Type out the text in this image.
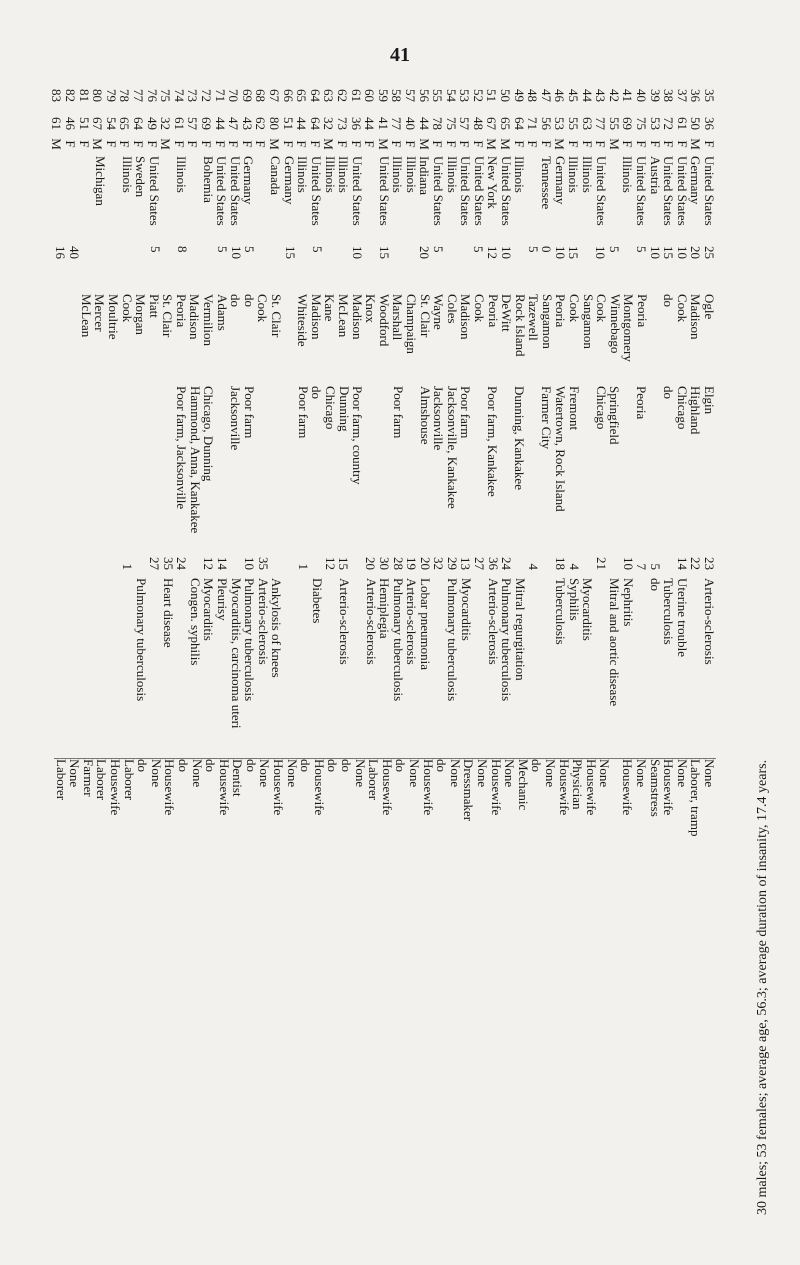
41
35
36
37
38
39
40
41
42
43
44
45
46
47
48
49
50
51
52
53
54
55
56
57
58
59
60
61
62
63
64
65
66
67
68
69
70
71
72
73
74
75
76
77
78
79
80
81
82
83
36
50
61
72
53
75
69
55
77
63
55
53
56
71
64
65
67
48
57
75
78
44
40
77
41
44
36
73
32
64
44
51
80
62
43
47
44
69
57
61
32
49
64
65
54
67
51
46
61
F
M
F
F
F
F
F
M
F
F
F
M
F
F
F
M
M
F
F
F
F
M
F
F
M
F
F
F
M
F
F
F
M
F
F
F
F
F
F
F
M
F
F
F
F
M
F
F
M
United States
Germany
United States
United States
Austria
United States
Illinois
United States
Illinois
Illinois
Germany
Tennessee
Illinois
United States
New York
United States
United States
Illinois
United States
Indiana
Illinois
Illinois
United States
United States
Illinois
Illinois
United States
Illinois
Germany
Canada
Germany
United States
United States
Bohemia
Illinois
United States
Sweden
Illinois
Michigan
25
20
10
15
10
5
5
10
15
10
0
5
10
12
5
5
20
15
10
5
15
5
10
5
8
5
40
16
Ogle
Madison
Cook
do
Peoria
Montgomery
Winnebago
Cook
Sangamon
Cook
Peoria
Sangamon
Tazewell
Rock Island
DeWitt
Peoria
Cook
Madison
Coles
Wayne
St. Clair
Champaign
Marshall
Woodford
Knox
Madison
McLean
Kane
Madison
Whiteside
St. Clair
Cook
do
do
Adams
Vermilion
Madison
Peoria
St. Clair
Piatt
Morgan
Cook
Moultrie
Mercer
McLean
Elgin
Highland
Chicago
do
Peoria
Springfield
Chicago
Fremont
Watertown, Rock Island
Farmer City
Dunning, Kankakee
Poor farm, Kankakee
Poor farm
Jacksonville, Kankakee
Jacksonville
Almshouse
Poor farm
Poor farm, country
Dunning
Chicago
do
Poor farm
Poor farm
Jacksonville
Chicago, Dunning
Hammond, Anna, Kankakee
Poor farm, Jacksonville
23
22
14
5
7
10
21
4
18
4
24
36
27
13
29
32
20
19
28
30
20
15
12
1
35
10
14
12
24
35
27
1
Arterio-sclerosis
Uterine trouble
Tuberculosis
do
Nephritis
Mitral and aortic disease
Myocarditis
Syphilis
Tuberculosis
Mitral regurgitation
Pulmonary tuberculosis
Arterio-sclerosis
Myocarditis
Pulmonary tuberculosis
Lobar pneumonia
Arterio-sclerosis
Pulmonary tuberculosis
Hemiplegia
Arterio-sclerosis
Arterio-sclerosis
Diabetes
Ankylosis of knees
Arterio-sclerosis
Pulmonary tuberculosis
Myocarditis, carcinoma uteri
Pleurisy
Myocarditis
Congen. syphilis
Heart disease
Pulmonary tuberculosis
None
Laborer, tramp
None
Housewife
Seamstress
None
Housewife
None
Housewife
Physician
Housewife
None
do
Mechanic
None
Housewife
None
Dressmaker
None
do
Housewife
None
do
Housewife
Laborer
None
do
do
Housewife
do
None
Housewife
None
do
Dentist
Housewife
do
None
do
Housewife
None
do
Laborer
Housewife
Laborer
Farmer
None
Laborer	30 males; 53 females; average age, 56.3; average duration of insanity, 17.4 years.
